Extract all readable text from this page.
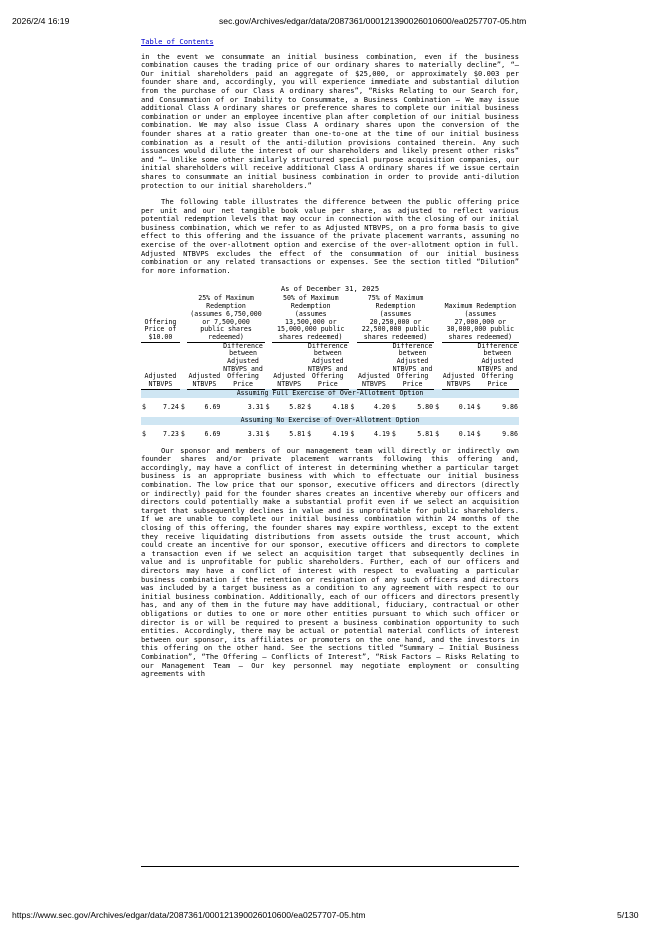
2026/2/4 16:19	sec.gov/Archives/edgar/data/2087361/000121390026010600/ea0257707-05.htm
Table of Contents

in the event we consummate an initial business combination, even if the business combination causes the trading price of our ordinary shares to materially decline”, “— Our initial shareholders paid an aggregate of $25,000, or approximately $0.003 per founder share and, accordingly, you will experience immediate and substantial dilution from the purchase of our Class A ordinary shares”, “Risks Relating to our Search for, and Consummation of or Inability to Consummate, a Business Combination — We may issue additional Class A ordinary shares or preference shares to complete our initial business combination or under an employee incentive plan after completion of our initial business combination. We may also issue Class A ordinary shares upon the conversion of the founder shares at a ratio greater than one-to-one at the time of our initial business combination as a result of the anti-dilution provisions contained therein. Any such issuances would dilute the interest of our shareholders and likely present other risks” and “— Unlike some other similarly structured special purpose acquisition companies, our initial shareholders will receive additional Class A ordinary shares if we issue certain shares to consummate an initial business combination in order to provide anti-dilution protection to our initial shareholders.”

The following table illustrates the difference between the public offering price per unit and our net tangible book value per share, as adjusted to reflect various potential redemption levels that may occur in connection with the closing of our initial business combination, which we refer to as Adjusted NTBVPS, on a pro forma basis to give effect to this offering and the issuance of the private placement warrants, assuming no exercise of the over-allotment option and exercise of the over-allotment option in full. Adjusted NTBVPS excludes the effect of the consummation of our initial business combination or any related transactions or expenses. See the section titled “Dilution” for more information.

As of December 31, 2025
Offering Price of $10.00			25% of Maximum Redemption (assumes 6,750,000 or 7,500,000 public shares redeemed)				50% of Maximum Redemption (assumes 13,500,000 or 15,000,000 public shares redeemed)				75% of Maximum Redemption (assumes 20,250,000 or 22,500,000 public shares redeemed)				Maximum Redemption (assumes 27,000,000 or 30,000,000 public shares redeemed)		
Adjusted NTBVPS			Adjusted NTBVPS	Difference between Adjusted NTBVPS and Offering Price			Adjusted NTBVPS	Difference between Adjusted NTBVPS and Offering Price			Adjusted NTBVPS	Difference between Adjusted NTBVPS and Offering Price			Adjusted NTBVPS	Difference between Adjusted NTBVPS and Offering Price	
Assuming Full Exercise of Over-Allotment Option																	

$	7.24	$	6.69		3.31	$	5.82	$	4.18	$	4.20	$	5.80	$	0.14	$	9.86

Assuming No Exercise of Over-Allotment Option																	

$	7.23	$	6.69		3.31	$	5.81	$	4.19	$	4.19	$	5.81	$	0.14	$	9.86

Our sponsor and members of our management team will directly or indirectly own founder shares and/or private placement warrants following this offering and, accordingly, may have a conflict of interest in determining whether a particular target business is an appropriate business with which to effectuate our initial business combination. The low price that our sponsor, executive officers and directors (directly or indirectly) paid for the founder shares creates an incentive whereby our officers and directors could potentially make a substantial profit even if we select an acquisition target that subsequently declines in value and is unprofitable for public shareholders. If we are unable to complete our initial business combination within 24 months of the closing of this offering, the founder shares may expire worthless, except to the extent they receive liquidating distributions from assets outside the trust account, which could create an incentive for our sponsor, executive officers and directors to complete a transaction even if we select an acquisition target that subsequently declines in value and is unprofitable for public shareholders. Further, each of our officers and directors may have a conflict of interest with respect to evaluating a particular business combination if the retention or resignation of any such officers and directors was included by a target business as a condition to any agreement with respect to our initial business combination. Additionally, each of our officers and directors presently has, and any of them in the future may have additional, fiduciary, contractual or other obligations or duties to one or more other entities pursuant to which such officer or director is or will be required to present a business combination opportunity to such entities. Accordingly, there may be actual or potential material conflicts of interest between our sponsor, its affiliates or promoters on the one hand, and the investors in this offering on the other hand. See the sections titled “Summary — Initial Business Combination”, “The Offering — Conflicts of Interest”, “Risk Factors — Risks Relating to our Management Team — Our key personnel may negotiate employment or consulting agreements with

https://www.sec.gov/Archives/edgar/data/2087361/000121390026010600/ea0257707-05.htm	5/130
